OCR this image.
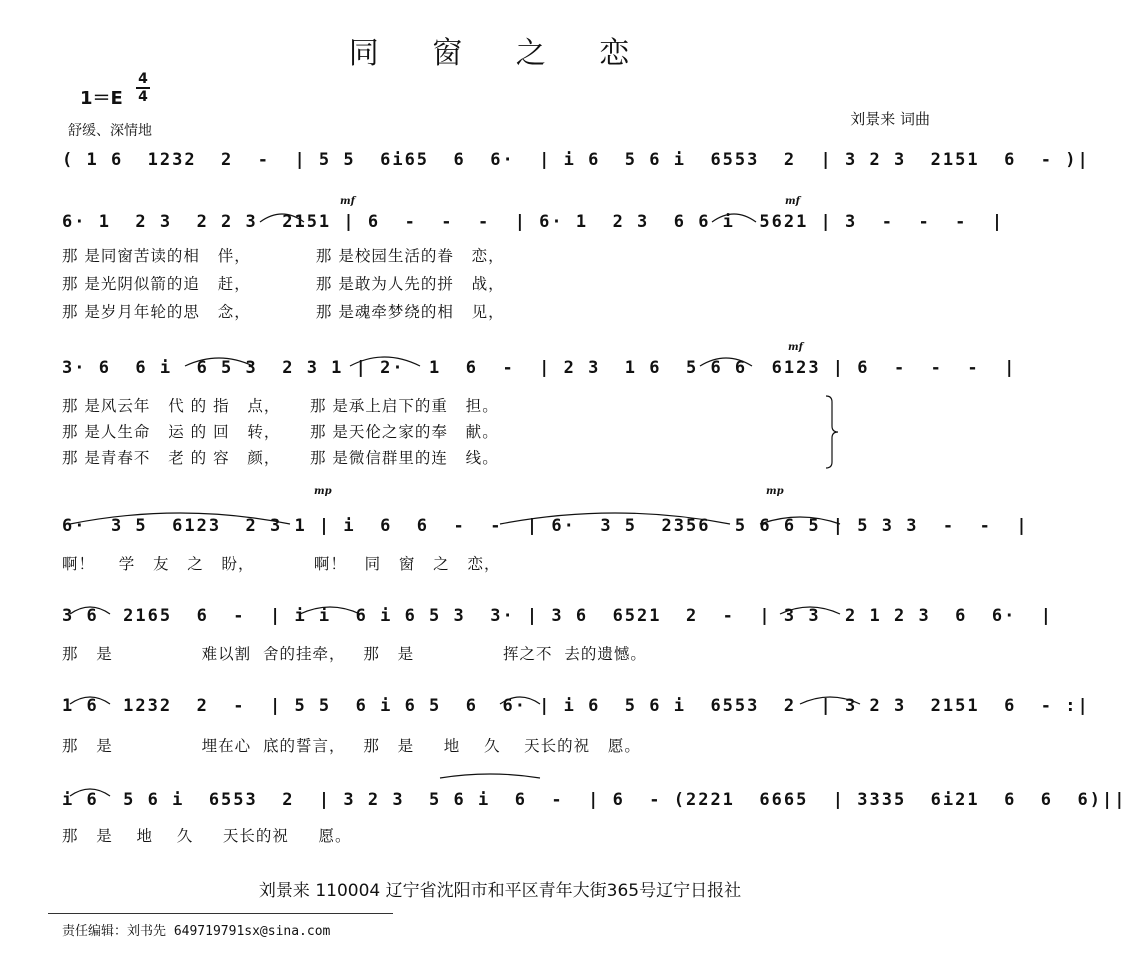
同 窗 之 恋
1＝E
4
4
舒缓、深情地
刘景来 词曲
( 1 6  1232  2  -  | 5 5  6i65  6  6·  | i 6  5 6 i  6553  2  | 3 2 3  2151  6  - )|
mf	mf
6· 1  2 3  2 2 3  2151 | 6  -  -  -  | 6· 1  2 3  6 6 i  5621 | 3  -  -  -  |
那 是同窗苦读的相   伴，           那 是校园生活的眷   恋，
那 是光阴似箭的追   赶，           那 是敢为人先的拼   战，
那 是岁月年轮的思   念，           那 是魂牵梦绕的相   见，
mf
3· 6  6 i  6 5 3  2 3 1 | 2·  1  6  -  | 2 3  1 6  5 6 6  6123 | 6  -  -  -  |
那 是风云年   代 的 指   点，     那 是承上启下的重   担。
那 是人生命   运 的 回   转，     那 是天伦之家的奉   献。
那 是青春不   老 的 容   颜，     那 是微信群里的连   线。
mp	mp
6·  3 5  6123  2 3 1 | i  6  6  -  -  | 6·  3 5  2356  5 6 6 5 | 5 3 3  -  -  |
啊！    学   友   之   盼，          啊！   同   窗   之   恋，
3 6  2165  6  -  | i i  6 i 6 5 3  3· | 3 6  6521  2  -  | 3 3  2 1 2 3  6  6·  |
那   是               难以割  舍的挂牵，   那   是               挥之不  去的遗憾。
1 6  1232  2  -  | 5 5  6 i 6 5  6  6· | i 6  5 6 i  6553  2  | 3 2 3  2151  6  - :|
那   是               埋在心  底的誓言，   那   是     地    久    天长的祝   愿。
i 6  5 6 i  6553  2  | 3 2 3  5 6 i  6  -  | 6  - (2221  6665  | 3335  6i21  6  6  6)||
那   是    地    久     天长的祝     愿。
刘景来 110004 辽宁省沈阳市和平区青年大街365号辽宁日报社
责任编辑：刘书先 649719791sx@sina.com
